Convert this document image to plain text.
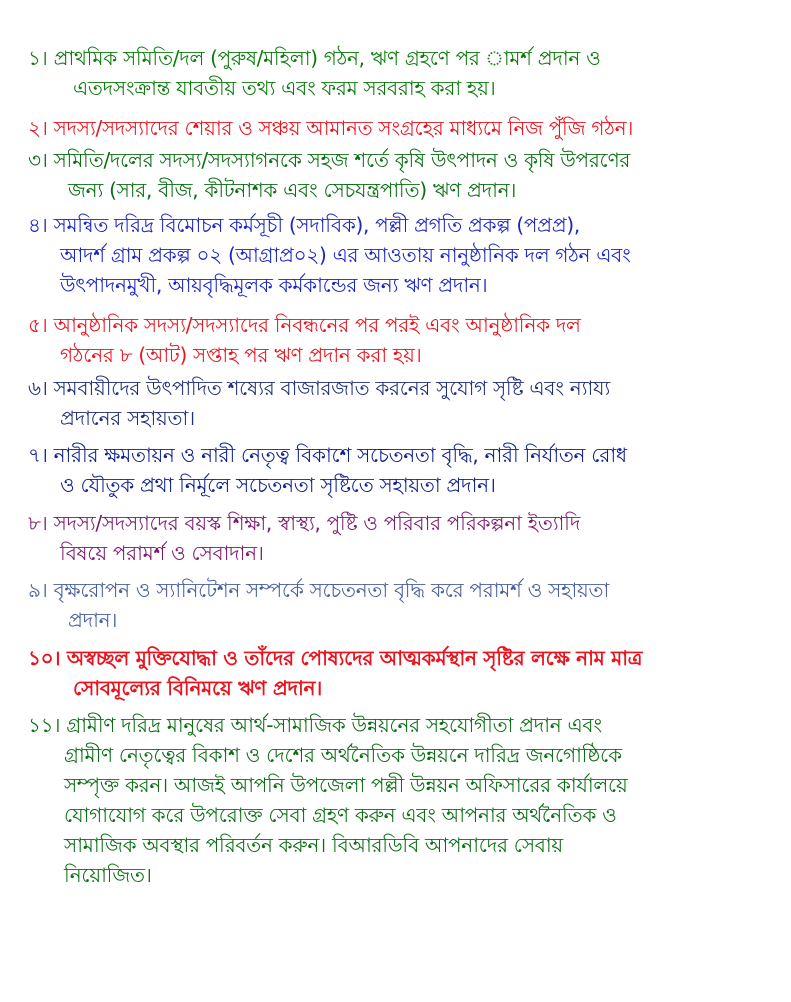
১। প্রাথমিক সমিতি/দল (পুরুষ/মহিলা) গঠন, ঋণ গ্রহণে পর ামর্শ প্রদান ও
এতদসংক্রান্ত যাবতীয় তথ্য এবং ফরম সরবরাহ করা হয়।
২। সদস্য/সদস্যাদের শেয়ার ও সঞ্চয় আমানত সংগ্রহের মাধ্যমে নিজ পুঁজি গঠন।
৩। সমিতি/দলের সদস্য/সদস্যাগনকে সহজ শর্তে কৃষি উৎপাদন ও কৃষি উপরণের
জন্য (সার, বীজ, কীটনাশক এবং সেচযন্ত্রপাতি) ঋণ প্রদান।
৪। সমন্বিত দরিদ্র বিমোচন কর্মসূচী (সদাবিক), পল্লী প্রগতি প্রকল্প (পপ্রপ্র),
আদর্শ গ্রাম প্রকল্প ০২ (আগ্রাপ্র০২) এর আওতায় নানুষ্ঠানিক দল গঠন এবং
উৎপাদনমুখী, আয়বৃদ্ধিমূলক কর্মকান্ডের জন্য ঋণ প্রদান।
৫। আনুষ্ঠানিক সদস্য/সদস্যাদের নিবন্ধনের পর পরই এবং আনুষ্ঠানিক দল
গঠনের ৮ (আট) সপ্তাহ পর ঋণ প্রদান করা হয়।
৬। সমবায়ীদের উৎপাদিত শষ্যের বাজারজাত করনের সুযোগ সৃষ্টি এবং ন্যায্য
প্রদানের সহায়তা।
৭। নারীর ক্ষমতায়ন ও নারী নেতৃত্ব বিকাশে সচেতনতা বৃদ্ধি, নারী নির্যাতন রোধ
ও যৌতুক প্রথা নির্মূলে সচেতনতা সৃষ্টিতে সহায়তা প্রদান।
৮। সদস্য/সদস্যাদের বয়স্ক শিক্ষা, স্বাস্থ্য, পুষ্টি ও পরিবার পরিকল্পনা ইত্যাদি
বিষয়ে পরামর্শ ও সেবাদান।
৯। বৃক্ষরোপন ও স্যানিটেশন সম্পর্কে সচেতনতা বৃদ্ধি করে পরামর্শ ও সহায়তা
প্রদান।
১০। অস্বচ্ছল মুক্তিযোদ্ধা ও তাঁদের পোষ্যদের আত্মকর্মস্থান সৃষ্টির লক্ষে নাম মাত্র
সোবমূল্যের বিনিময়ে ঋণ প্রদান।
১১। গ্রামীণ দরিদ্র মানুষের আর্থ-সামাজিক উন্নয়নের সহযোগীতা প্রদান এবং
গ্রামীণ নেতৃত্বের বিকাশ ও দেশের অর্থনৈতিক উন্নয়নে দারিদ্র জনগোষ্ঠিকে
সম্পৃক্ত করন। আজই আপনি উপজেলা পল্লী উন্নয়ন অফিসারের কার্যালয়ে
যোগাযোগ করে উপরোক্ত সেবা গ্রহণ করুন এবং আপনার অর্থনৈতিক ও
সামাজিক অবস্থার পরিবর্তন করুন। বিআরডিবি আপনাদের সেবায়
নিয়োজিত।
